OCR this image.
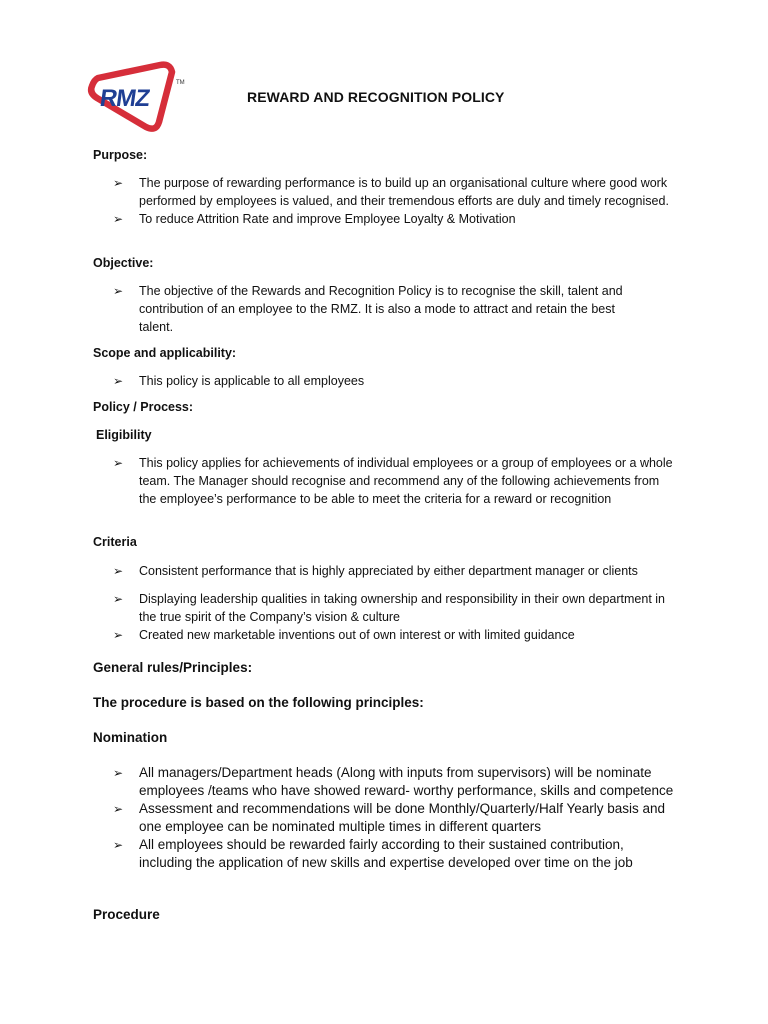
RMZ
TM
REWARD AND RECOGNITION POLICY
Purpose:
➢ The purpose of rewarding performance is to build up an organisational culture where good work performed by employees is valued, and their tremendous efforts are duly and timely recognised.
➢ To reduce Attrition Rate and improve Employee Loyalty & Motivation
Objective:
➢ The objective of the Rewards and Recognition Policy is to recognise the skill, talent and contribution of an employee to the RMZ. It is also a mode to attract and retain the best talent.
Scope and applicability:
➢ This policy is applicable to all employees
Policy / Process:
Eligibility
➢ This policy applies for achievements of individual employees or a group of employees or a whole team. The Manager should recognise and recommend any of the following achievements from the employee’s performance to be able to meet the criteria for a reward or recognition
Criteria
➢ Consistent performance that is highly appreciated by either department manager or clients
➢ Displaying leadership qualities in taking ownership and responsibility in their own department in the true spirit of the Company’s vision & culture
➢ Created new marketable inventions out of own interest or with limited guidance
General rules/Principles:
The procedure is based on the following principles:
Nomination
➢ All managers/Department heads (Along with inputs from supervisors) will be nominate employees /teams who have showed reward- worthy performance, skills and competence
➢ Assessment and recommendations will be done Monthly/Quarterly/Half Yearly basis and one employee can be nominated multiple times in different quarters
➢ All employees should be rewarded fairly according to their sustained contribution, including the application of new skills and expertise developed over time on the job
Procedure
